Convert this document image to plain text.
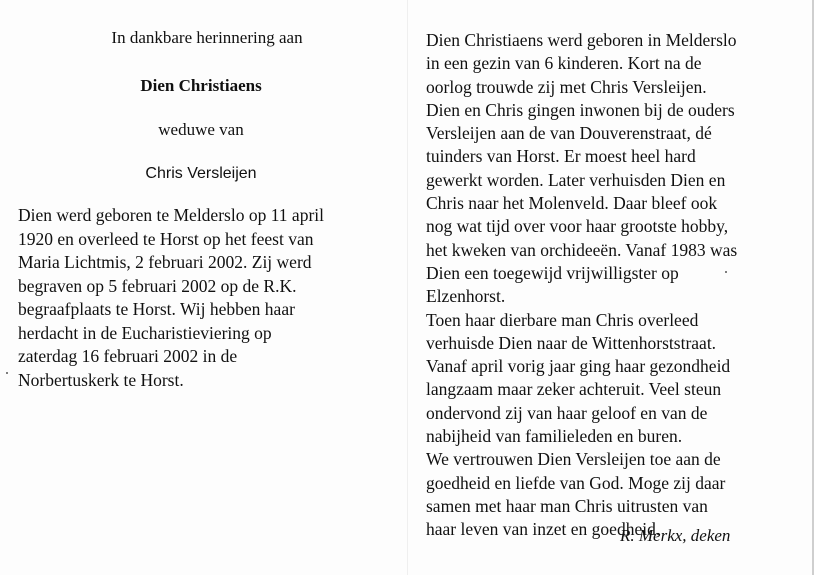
In dankbare herinnering aan

Dien Christiaens

weduwe van

Chris Versleijen

Dien werd geboren te Melderslo op 11 april
1920 en overleed te Horst op het feest van
Maria Lichtmis, 2 februari 2002. Zij werd
begraven op 5 februari 2002 op de R.K.
begraafplaats te Horst. Wij hebben haar
herdacht in de Eucharistieviering op
zaterdag 16 februari 2002 in de
Norbertuskerk te Horst.

Dien Christiaens werd geboren in Melderslo
in een gezin van 6 kinderen. Kort na de
oorlog trouwde zij met Chris Versleijen.
Dien en Chris gingen inwonen bij de ouders
Versleijen aan de van Douverenstraat, dé
tuinders van Horst. Er moest heel hard
gewerkt worden. Later verhuisden Dien en
Chris naar het Molenveld. Daar bleef ook
nog wat tijd over voor haar grootste hobby,
het kweken van orchideeën. Vanaf 1983 was
Dien een toegewijd vrijwilligster op
Elzenhorst.
Toen haar dierbare man Chris overleed
verhuisde Dien naar de Wittenhorststraat.
Vanaf april vorig jaar ging haar gezondheid
langzaam maar zeker achteruit. Veel steun
ondervond zij van haar geloof en van de
nabijheid van familieleden en buren.
We vertrouwen Dien Versleijen toe aan de
goedheid en liefde van God. Moge zij daar
samen met haar man Chris uitrusten van
haar leven van inzet en goedheid.

R. Merkx, deken
